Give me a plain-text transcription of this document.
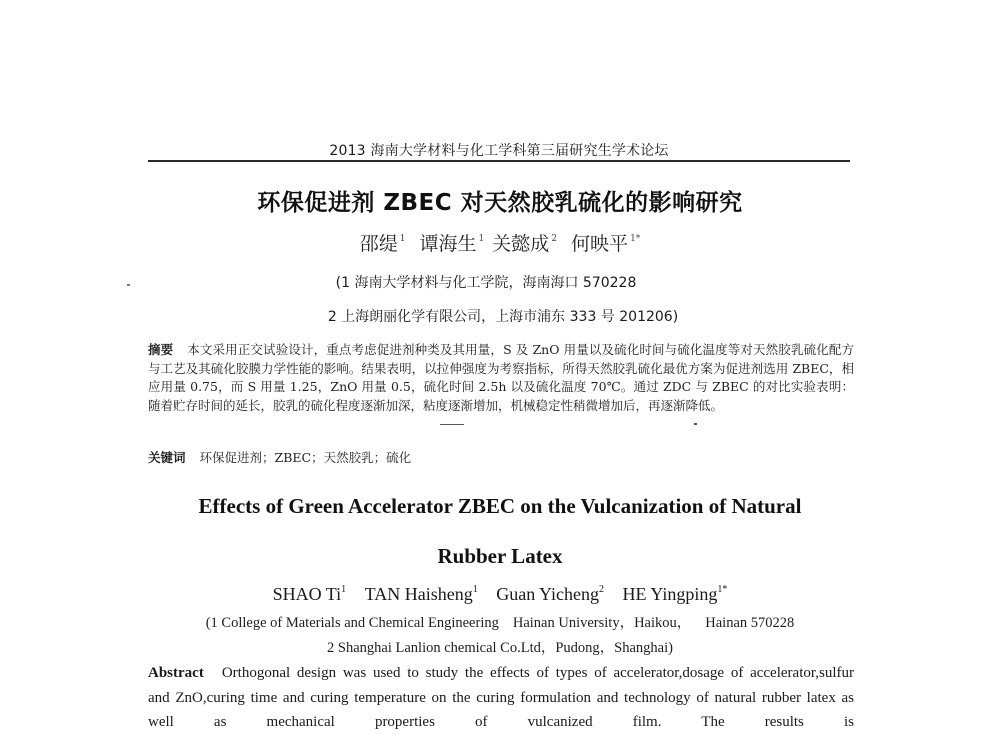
2013 海南大学材料与化工学科第三届研究生学术论坛
环保促进剂 ZBEC 对天然胶乳硫化的影响研究
邵缇 $^1$ 谭海生 $^1$ 关懿成 $^2$ 何映平 $^{1*}$
(1 海南大学材料与化工学院，海南海口 570228
2 上海朗丽化学有限公司，上海市浦东 333 号 201206)
摘要 本文采用正交试验设计，重点考虑促进剂种类及其用量，S 及 ZnO 用量以及硫化时间与硫化温度等对天然胶乳硫化配方与工艺及其硫化胶膜力学性能的影响。结果表明，以拉伸强度为考察指标，所得天然胶乳硫化最优方案为促进剂选用 ZBEC，相应用量 0.75，而 S 用量 1.25，ZnO 用量 0.5，硫化时间 2.5h 以及硫化温度 70℃。通过 ZDC 与 ZBEC 的对比实验表明：随着贮存时间的延长，胶乳的硫化程度逐渐加深，粘度逐渐增加，机械稳定性稍微增加后，再逐渐降低。
关键词 环保促进剂；ZBEC；天然胶乳；硫化
Effects of Green Accelerator ZBEC on the Vulcanization of Natural
Rubber Latex
SHAO Ti$^1$ TAN Haisheng$^1$ Guan Yicheng$^2$ HE Yingping$^{1*}$
(1 College of Materials and Chemical Engineering Hainan University，Haikou， Hainan 570228
2 Shanghai Lanlion chemical Co.Ltd，Pudong，Shanghai)
Abstract Orthogonal design was used to study the effects of types of accelerator,dosage of accelerator,sulfur and ZnO,curing time and curing temperature on the curing formulation and technology of natural rubber latex as well as mechanical properties of vulcanized film. The results is
